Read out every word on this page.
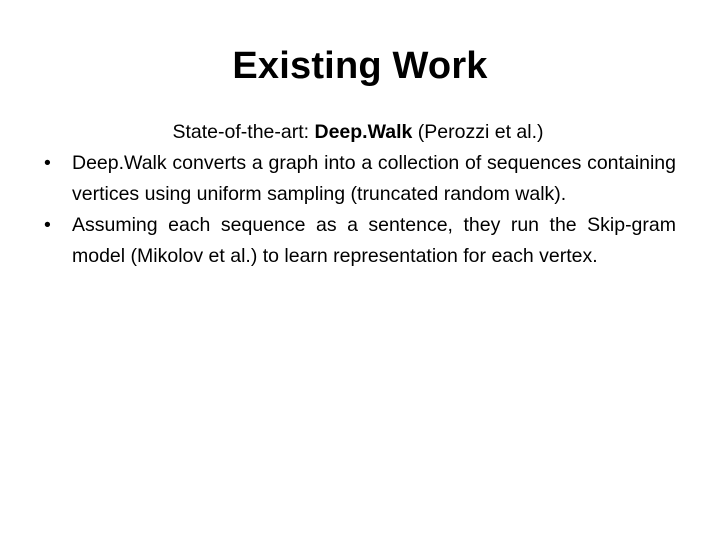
Existing Work

State-of-the-art: Deep.Walk (Perozzi et al.)

• Deep.Walk converts a graph into a collection of sequences containing vertices using uniform sampling (truncated random walk).
• Assuming each sequence as a sentence, they run the Skip-gram model (Mikolov et al.) to learn representation for each vertex.
